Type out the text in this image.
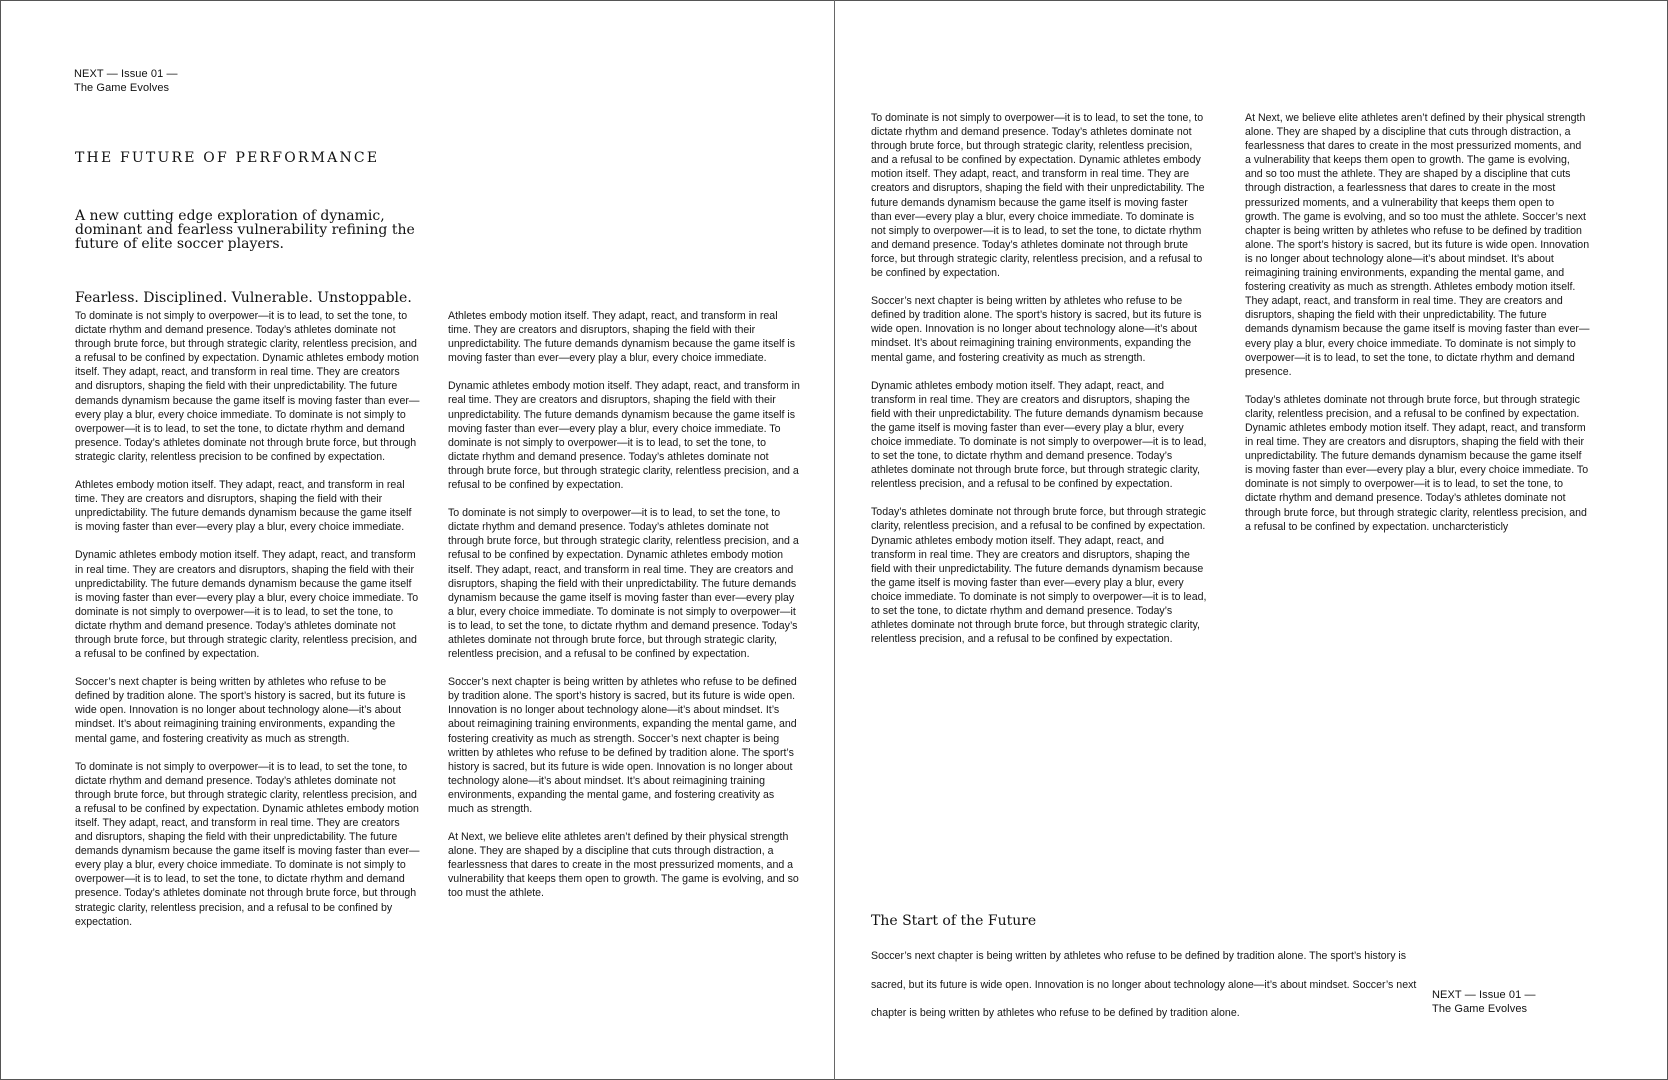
NEXT — Issue 01 —
The Game Evolves
THE FUTURE OF PERFORMANCE
A new cutting edge exploration of dynamic, dominant and fearless vulnerability refining the future of elite soccer players.
Fearless. Disciplined. Vulnerable. Unstoppable.

To dominate is not simply to overpower—it is to lead, to set the tone, to dictate rhythm and demand presence. Today’s athletes dominate not through brute force, but through strategic clarity, relentless precision, and a refusal to be confined by expectation. Dynamic athletes embody motion itself. They adapt, react, and transform in real time. They are creators and disruptors, shaping the field with their unpredictability. The future demands dynamism because the game itself is moving faster than ever—every play a blur, every choice immediate. To dominate is not simply to overpower—it is to lead, to set the tone, to dictate rhythm and demand presence. Today’s athletes dominate not through brute force, but through strategic clarity, relentless precision to be confined by expectation.

Athletes embody motion itself. They adapt, react, and transform in real time. They are creators and disruptors, shaping the field with their unpredictability. The future demands dynamism because the game itself is moving faster than ever—every play a blur, every choice immediate.

Dynamic athletes embody motion itself. They adapt, react, and transform in real time. They are creators and disruptors, shaping the field with their unpredictability. The future demands dynamism because the game itself is moving faster than ever—every play a blur, every choice immediate. To dominate is not simply to overpower—it is to lead, to set the tone, to dictate rhythm and demand presence. Today’s athletes dominate not through brute force, but through strategic clarity, relentless precision, and a refusal to be confined by expectation.

Soccer’s next chapter is being written by athletes who refuse to be defined by tradition alone. The sport’s history is sacred, but its future is wide open. Innovation is no longer about technology alone—it’s about mindset. It’s about reimagining training environments, expanding the mental game, and fostering creativity as much as strength.

To dominate is not simply to overpower—it is to lead, to set the tone, to dictate rhythm and demand presence. Today’s athletes dominate not through brute force, but through strategic clarity, relentless precision, and a refusal to be confined by expectation. Dynamic athletes embody motion itself. They adapt, react, and transform in real time. They are creators and disruptors, shaping the field with their unpredictability. The future demands dynamism because the game itself is moving faster than ever—every play a blur, every choice immediate. To dominate is not simply to overpower—it is to lead, to set the tone, to dictate rhythm and demand presence. Today’s athletes dominate not through brute force, but through strategic clarity, relentless precision, and a refusal to be confined by expectation.

Athletes embody motion itself. They adapt, react, and transform in real time. They are creators and disruptors, shaping the field with their unpredictability. The future demands dynamism because the game itself is moving faster than ever—every play a blur, every choice immediate.

Dynamic athletes embody motion itself. They adapt, react, and transform in real time. They are creators and disruptors, shaping the field with their unpredictability. The future demands dynamism because the game itself is moving faster than ever—every play a blur, every choice immediate. To dominate is not simply to overpower—it is to lead, to set the tone, to dictate rhythm and demand presence. Today’s athletes dominate not through brute force, but through strategic clarity, relentless precision, and a refusal to be confined by expectation.

To dominate is not simply to overpower—it is to lead, to set the tone, to dictate rhythm and demand presence. Today’s athletes dominate not through brute force, but through strategic clarity, relentless precision, and a refusal to be confined by expectation. Dynamic athletes embody motion itself. They adapt, react, and transform in real time. They are creators and disruptors, shaping the field with their unpredictability. The future demands dynamism because the game itself is moving faster than ever—every play a blur, every choice immediate. To dominate is not simply to overpower—it is to lead, to set the tone, to dictate rhythm and demand presence. Today’s athletes dominate not through brute force, but through strategic clarity, relentless precision, and a refusal to be confined by expectation.

Soccer’s next chapter is being written by athletes who refuse to be defined by tradition alone. The sport’s history is sacred, but its future is wide open. Innovation is no longer about technology alone—it’s about mindset. It’s about reimagining training environments, expanding the mental game, and fostering creativity as much as strength. Soccer’s next chapter is being written by athletes who refuse to be defined by tradition alone. The sport’s history is sacred, but its future is wide open. Innovation is no longer about technology alone—it’s about mindset. It’s about reimagining training environments, expanding the mental game, and fostering creativity as much as strength.

At Next, we believe elite athletes aren’t defined by their physical strength alone. They are shaped by a discipline that cuts through distraction, a fearlessness that dares to create in the most pressurized moments, and a vulnerability that keeps them open to growth. The game is evolving, and so too must the athlete.

To dominate is not simply to overpower—it is to lead, to set the tone, to dictate rhythm and demand presence. Today’s athletes dominate not through brute force, but through strategic clarity, relentless precision, and a refusal to be confined by expectation. Dynamic athletes embody motion itself. They adapt, react, and transform in real time. They are creators and disruptors, shaping the field with their unpredictability. The future demands dynamism because the game itself is moving faster than ever—every play a blur, every choice immediate. To dominate is not simply to overpower—it is to lead, to set the tone, to dictate rhythm and demand presence. Today’s athletes dominate not through brute force, but through strategic clarity, relentless precision, and a refusal to be confined by expectation.

Soccer’s next chapter is being written by athletes who refuse to be defined by tradition alone. The sport’s history is sacred, but its future is wide open. Innovation is no longer about technology alone—it’s about mindset. It’s about reimagining training environments, expanding the mental game, and fostering creativity as much as strength.

Dynamic athletes embody motion itself. They adapt, react, and transform in real time. They are creators and disruptors, shaping the field with their unpredictability. The future demands dynamism because the game itself is moving faster than ever—every play a blur, every choice immediate. To dominate is not simply to overpower—it is to lead, to set the tone, to dictate rhythm and demand presence. Today’s athletes dominate not through brute force, but through strategic clarity, relentless precision, and a refusal to be confined by expectation.

Today’s athletes dominate not through brute force, but through strategic clarity, relentless precision, and a refusal to be confined by expectation. Dynamic athletes embody motion itself. They adapt, react, and transform in real time. They are creators and disruptors, shaping the field with their unpredictability. The future demands dynamism because the game itself is moving faster than ever—every play a blur, every choice immediate. To dominate is not simply to overpower—it is to lead, to set the tone, to dictate rhythm and demand presence. Today’s athletes dominate not through brute force, but through strategic clarity, relentless precision, and a refusal to be confined by expectation.

At Next, we believe elite athletes aren’t defined by their physical strength alone. They are shaped by a discipline that cuts through distraction, a fearlessness that dares to create in the most pressurized moments, and a vulnerability that keeps them open to growth. The game is evolving, and so too must the athlete. They are shaped by a discipline that cuts through distraction, a fearlessness that dares to create in the most pressurized moments, and a vulnerability that keeps them open to growth. The game is evolving, and so too must the athlete. Soccer’s next chapter is being written by athletes who refuse to be defined by tradition alone. The sport’s history is sacred, but its future is wide open. Innovation is no longer about technology alone—it’s about mindset. It’s about reimagining training environments, expanding the mental game, and fostering creativity as much as strength. Athletes embody motion itself. They adapt, react, and transform in real time. They are creators and disruptors, shaping the field with their unpredictability. The future demands dynamism because the game itself is moving faster than ever—every play a blur, every choice immediate. To dominate is not simply to overpower—it is to lead, to set the tone, to dictate rhythm and demand presence.

Today’s athletes dominate not through brute force, but through strategic clarity, relentless precision, and a refusal to be confined by expectation. Dynamic athletes embody motion itself. They adapt, react, and transform in real time. They are creators and disruptors, shaping the field with their unpredictability. The future demands dynamism because the game itself is moving faster than ever—every play a blur, every choice immediate. To dominate is not simply to overpower—it is to lead, to set the tone, to dictate rhythm and demand presence. Today’s athletes dominate not through brute force, but through strategic clarity, relentless precision, and a refusal to be confined by expectation. uncharcteristicly

The Start of the Future
Soccer’s next chapter is being written by athletes who refuse to be defined by tradition alone. The sport’s history is sacred, but its future is wide open. Innovation is no longer about technology alone—it’s about mindset. Soccer’s next chapter is being written by athletes who refuse to be defined by tradition alone.
NEXT — Issue 01 —
The Game Evolves
